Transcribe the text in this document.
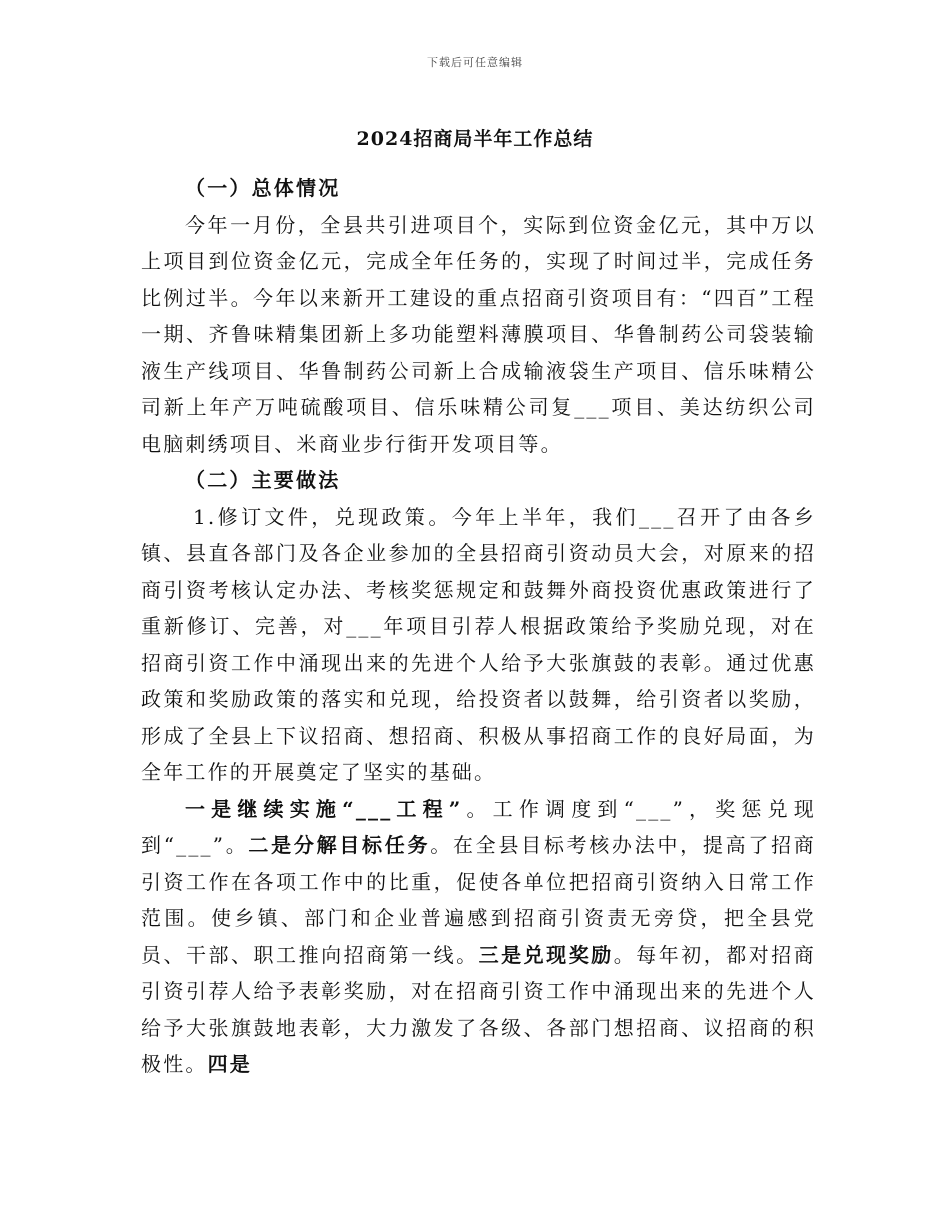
下载后可任意编辑
2024招商局半年工作总结

（一）总体情况

今年一月份，全县共引进项目个，实际到位资金亿元，其中万以上项目到位资金亿元，完成全年任务的，实现了时间过半，完成任务比例过半。今年以来新开工建设的重点招商引资项目有：“四百”工程一期、齐鲁味精集团新上多功能塑料薄膜项目、华鲁制药公司袋装输液生产线项目、华鲁制药公司新上合成输液袋生产项目、信乐味精公司新上年产万吨硫酸项目、信乐味精公司复___项目、美达纺织公司电脑刺绣项目、米商业步行街开发项目等。

（二）主要做法

1.修订文件，兑现政策。今年上半年，我们___召开了由各乡镇、县直各部门及各企业参加的全县招商引资动员大会，对原来的招商引资考核认定办法、考核奖惩规定和鼓舞外商投资优惠政策进行了重新修订、完善，对___年项目引荐人根据政策给予奖励兑现，对在招商引资工作中涌现出来的先进个人给予大张旗鼓的表彰。通过优惠政策和奖励政策的落实和兑现，给投资者以鼓舞，给引资者以奖励，形成了全县上下议招商、想招商、积极从事招商工作的良好局面，为全年工作的开展奠定了坚实的基础。

一是继续实施“___工程”。工作调度到“___”，奖惩兑现到“___”。二是分解目标任务。在全县目标考核办法中，提高了招商引资工作在各项工作中的比重，促使各单位把招商引资纳入日常工作范围。使乡镇、部门和企业普遍感到招商引资责无旁贷，把全县党员、干部、职工推向招商第一线。三是兑现奖励。每年初，都对招商引资引荐人给予表彰奖励，对在招商引资工作中涌现出来的先进个人给予大张旗鼓地表彰，大力激发了各级、各部门想招商、议招商的积极性。四是
